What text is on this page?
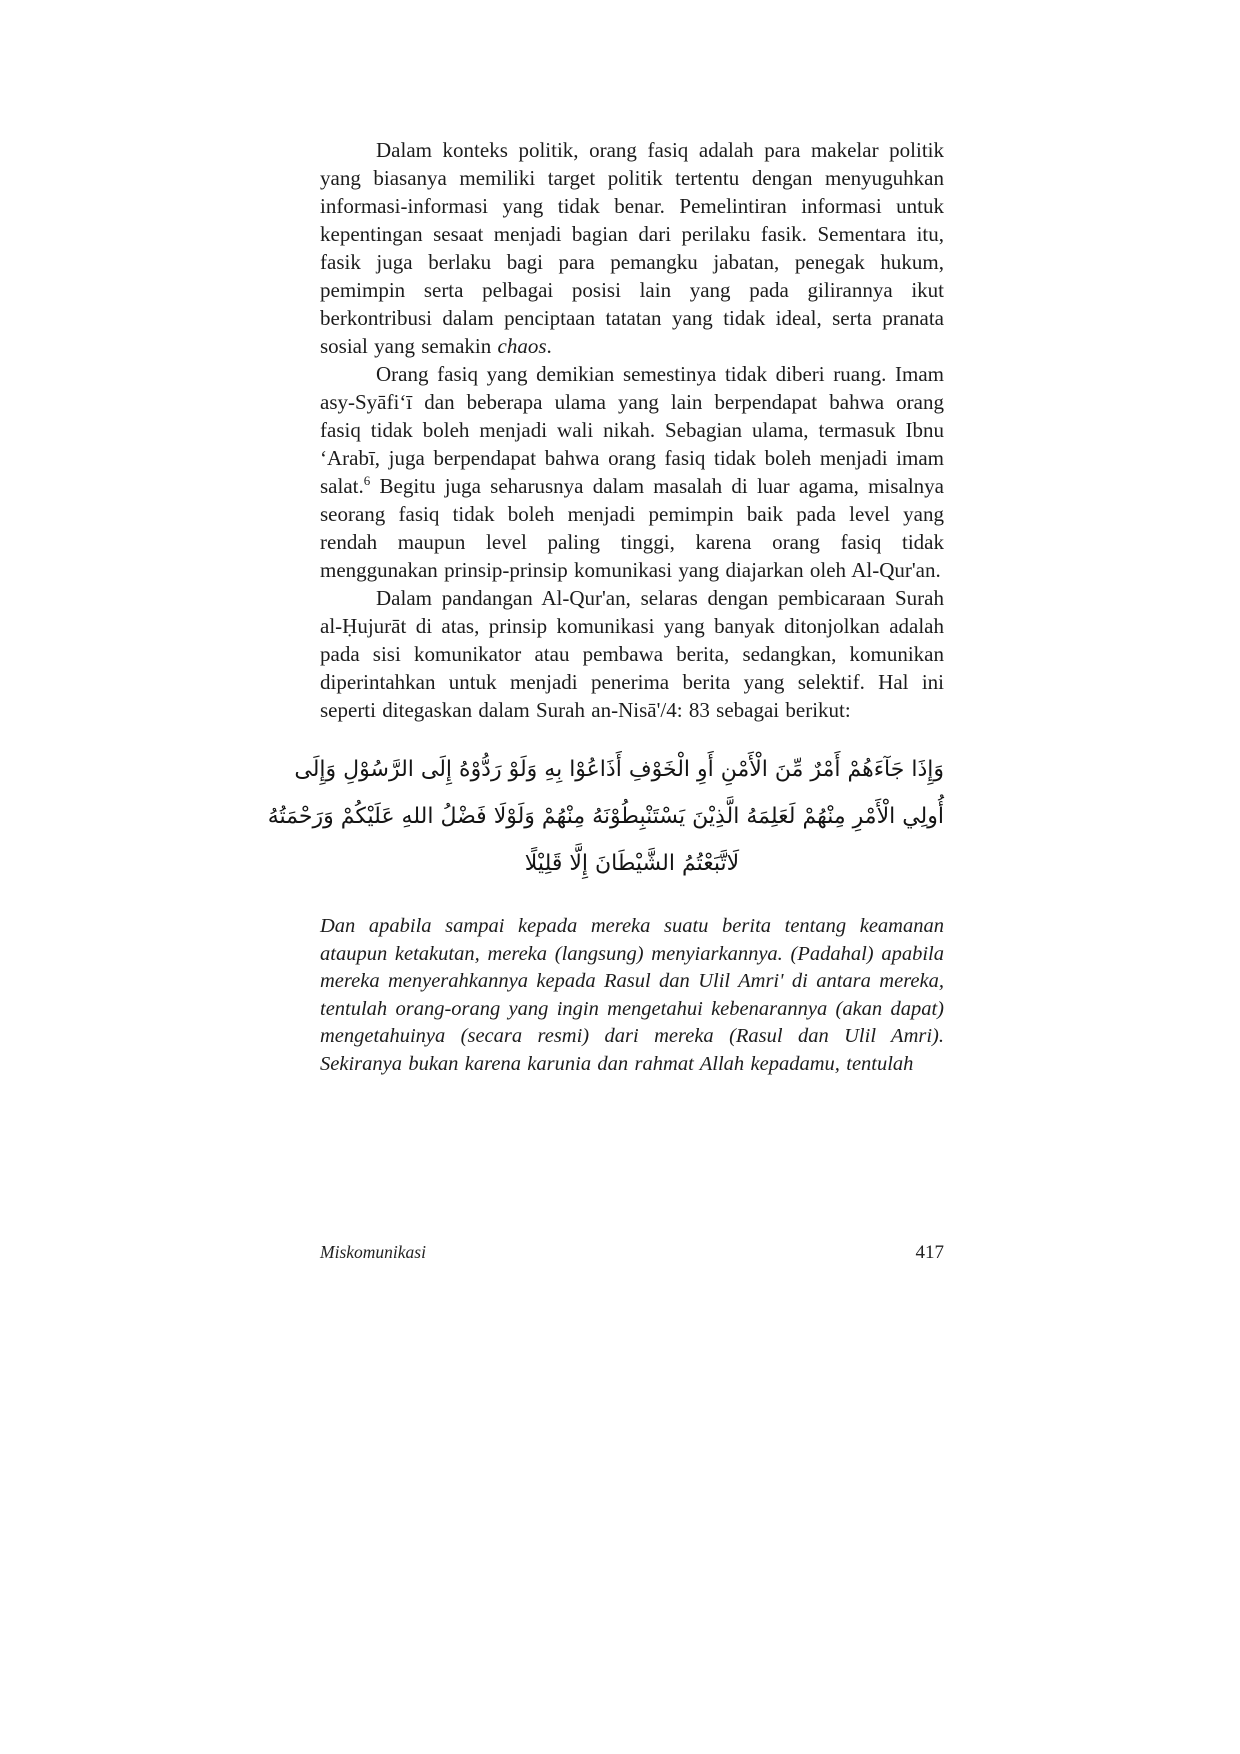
Dalam konteks politik, orang fasiq adalah para makelar politik yang biasanya memiliki target politik tertentu dengan menyuguhkan informasi-informasi yang tidak benar. Pemelintiran informasi untuk kepentingan sesaat menjadi bagian dari perilaku fasik. Sementara itu, fasik juga berlaku bagi para pemangku jabatan, penegak hukum, pemimpin serta pelbagai posisi lain yang pada gilirannya ikut berkontribusi dalam penciptaan tatatan yang tidak ideal, serta pranata sosial yang semakin chaos.

Orang fasiq yang demikian semestinya tidak diberi ruang. Imam asy-Syāfi‘ī dan beberapa ulama yang lain berpendapat bahwa orang fasiq tidak boleh menjadi wali nikah. Sebagian ulama, termasuk Ibnu ‘Arabī, juga berpendapat bahwa orang fasiq tidak boleh menjadi imam salat.$^6$ Begitu juga seharusnya dalam masalah di luar agama, misalnya seorang fasiq tidak boleh menjadi pemimpin baik pada level yang rendah maupun level paling tinggi, karena orang fasiq tidak menggunakan prinsip-prinsip komunikasi yang diajarkan oleh Al-Qur'an.

Dalam pandangan Al-Qur'an, selaras dengan pembicaraan Surah al-Ḥujurāt di atas, prinsip komunikasi yang banyak ditonjolkan adalah pada sisi komunikator atau pembawa berita, sedangkan, komunikan diperintahkan untuk menjadi penerima berita yang selektif. Hal ini seperti ditegaskan dalam Surah an-Nisā'/4: 83 sebagai berikut:

وَإِذَا جَآءَهُمْ أَمْرٌ مِّنَ الْأَمْنِ أَوِ الْخَوْفِ أَذَاعُوْا بِهِ وَلَوْ رَدُّوْهُ إِلَى الرَّسُوْلِ وَإِلَى
أُولِي الْأَمْرِ مِنْهُمْ لَعَلِمَهُ الَّذِيْنَ يَسْتَنْبِطُوْنَهُ مِنْهُمْ وَلَوْلَا فَضْلُ اللهِ عَلَيْكُمْ وَرَحْمَتُهُ
لَاتَّبَعْتُمُ الشَّيْطَانَ إِلَّا قَلِيْلًا

Dan apabila sampai kepada mereka suatu berita tentang keamanan ataupun ketakutan, mereka (langsung) menyiarkannya. (Padahal) apabila mereka menyerahkannya kepada Rasul dan Ulil Amri' di antara mereka, tentulah orang-orang yang ingin mengetahui kebenarannya (akan dapat) mengetahuinya (secara resmi) dari mereka (Rasul dan Ulil Amri). Sekiranya bukan karena karunia dan rahmat Allah kepadamu, tentulah

Miskomunikasi	417
